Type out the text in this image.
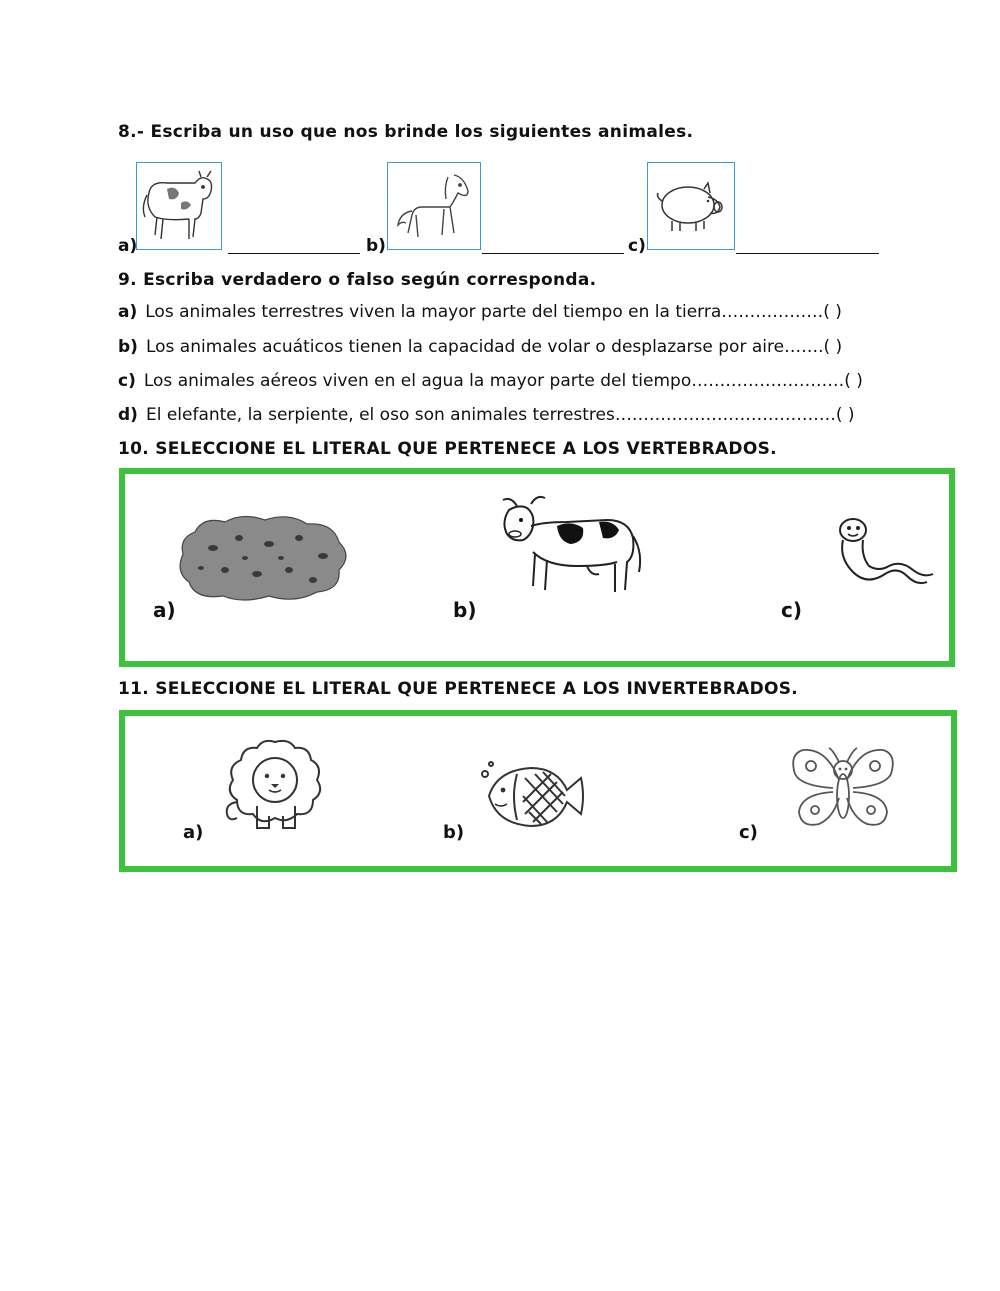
8.- Escriba un uso que nos brinde los siguientes animales.
a)	b)	c)
9. Escriba verdadero o falso según corresponda.
a) Los animales terrestres viven la mayor parte del tiempo en la tierra………………( )
b) Los animales acuáticos tienen la capacidad de volar o desplazarse por aire…….( )
c) Los animales aéreos viven en el agua la mayor parte del tiempo………………………( )
d) El elefante, la serpiente, el oso son animales terrestres…………………………………( )
10. SELECCIONE EL LITERAL QUE PERTENECE A LOS VERTEBRADOS.
a)	b)	c)
11. SELECCIONE EL LITERAL QUE PERTENECE A LOS INVERTEBRADOS.
a)	b)	c)
